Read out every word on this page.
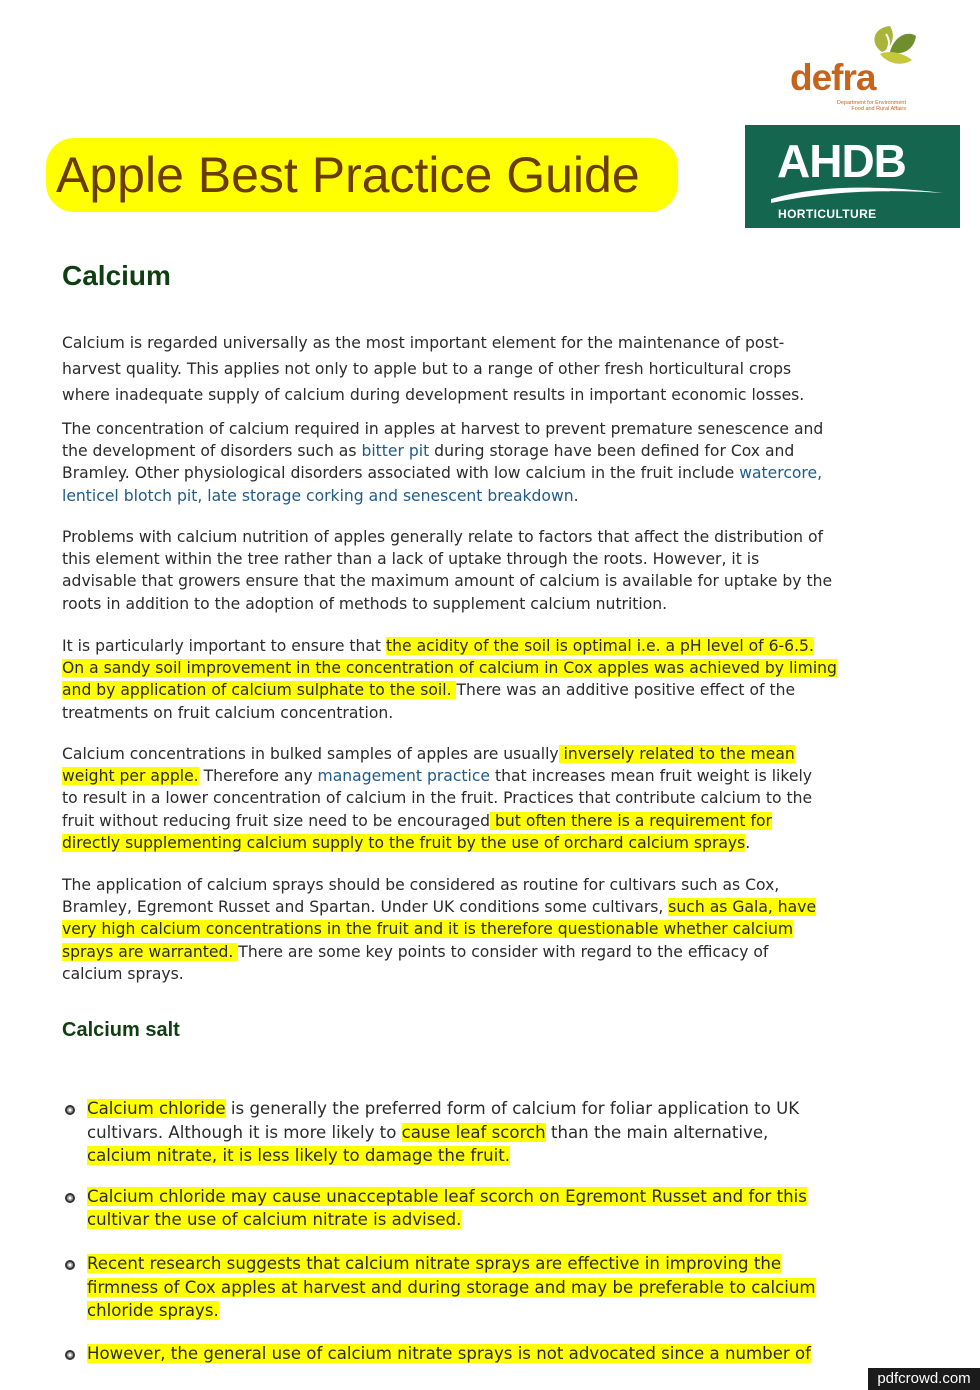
defra
Department for Environment
Food and Rural Affairs
Apple Best Practice Guide	AHDB
HORTICULTURE
Calcium
Calcium is regarded universally as the most important element for the maintenance of post-
harvest quality. This applies not only to apple but to a range of other fresh horticultural crops
where inadequate supply of calcium during development results in important economic losses.
The concentration of calcium required in apples at harvest to prevent premature senescence and
the development of disorders such as bitter pit during storage have been defined for Cox and
Bramley. Other physiological disorders associated with low calcium in the fruit include watercore,
lenticel blotch pit, late storage corking and senescent breakdown.
Problems with calcium nutrition of apples generally relate to factors that affect the distribution of
this element within the tree rather than a lack of uptake through the roots. However, it is
advisable that growers ensure that the maximum amount of calcium is available for uptake by the
roots in addition to the adoption of methods to supplement calcium nutrition.
It is particularly important to ensure that the acidity of the soil is optimal i.e. a pH level of 6-6.5.
On a sandy soil improvement in the concentration of calcium in Cox apples was achieved by liming
and by application of calcium sulphate to the soil. There was an additive positive effect of the
treatments on fruit calcium concentration.
Calcium concentrations in bulked samples of apples are usually inversely related to the mean
weight per apple. Therefore any management practice that increases mean fruit weight is likely
to result in a lower concentration of calcium in the fruit. Practices that contribute calcium to the
fruit without reducing fruit size need to be encouraged but often there is a requirement for
directly supplementing calcium supply to the fruit by the use of orchard calcium sprays.
The application of calcium sprays should be considered as routine for cultivars such as Cox,
Bramley, Egremont Russet and Spartan. Under UK conditions some cultivars, such as Gala, have
very high calcium concentrations in the fruit and it is therefore questionable whether calcium
sprays are warranted. There are some key points to consider with regard to the efficacy of
calcium sprays.
Calcium salt
Calcium chloride is generally the preferred form of calcium for foliar application to UK
cultivars. Although it is more likely to cause leaf scorch than the main alternative,
calcium nitrate, it is less likely to damage the fruit.
Calcium chloride may cause unacceptable leaf scorch on Egremont Russet and for this
cultivar the use of calcium nitrate is advised.
Recent research suggests that calcium nitrate sprays are effective in improving the
firmness of Cox apples at harvest and during storage and may be preferable to calcium
chloride sprays.
However, the general use of calcium nitrate sprays is not advocated since a number of
pdfcrowd.com
